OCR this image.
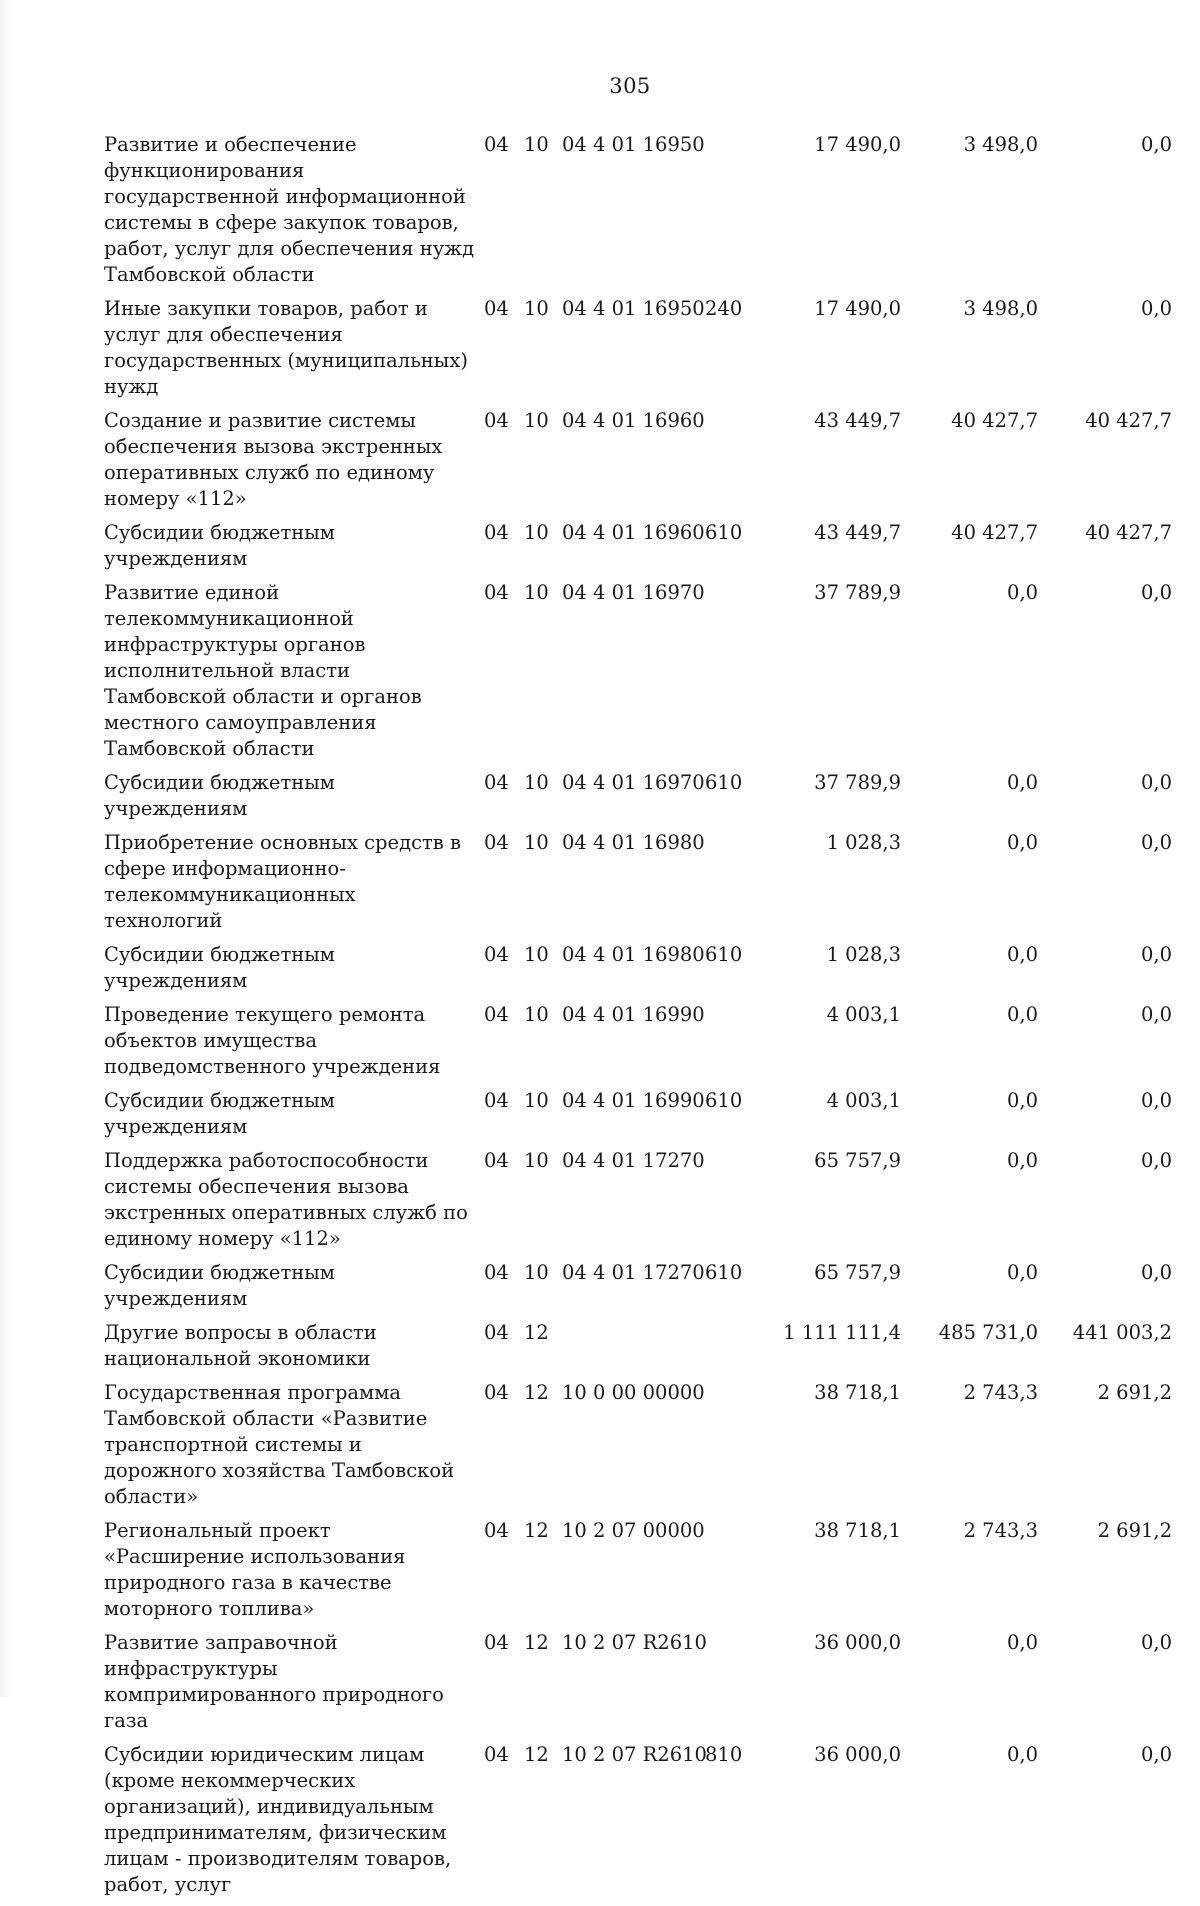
305
Развитие и обеспечение функционирования государственной информационной системы в сфере закупок товаров, работ, услуг для обеспечения нужд Тамбовской области	04	10	04 4 01 16950		17 490,0	3 498,0	0,0
Иные закупки товаров, работ и услуг для обеспечения государственных (муниципальных) нужд	04	10	04 4 01 16950	240	17 490,0	3 498,0	0,0
Создание и развитие системы обеспечения вызова экстренных оперативных служб по единому номеру «112»	04	10	04 4 01 16960		43 449,7	40 427,7	40 427,7
Субсидии бюджетным учреждениям	04	10	04 4 01 16960	610	43 449,7	40 427,7	40 427,7
Развитие единой телекоммуникационной инфраструктуры органов исполнительной власти Тамбовской области и органов местного самоуправления Тамбовской области	04	10	04 4 01 16970		37 789,9	0,0	0,0
Субсидии бюджетным учреждениям	04	10	04 4 01 16970	610	37 789,9	0,0	0,0
Приобретение основных средств в сфере информационно-телекоммуникационных технологий	04	10	04 4 01 16980		1 028,3	0,0	0,0
Субсидии бюджетным учреждениям	04	10	04 4 01 16980	610	1 028,3	0,0	0,0
Проведение текущего ремонта объектов имущества подведомственного учреждения	04	10	04 4 01 16990		4 003,1	0,0	0,0
Субсидии бюджетным учреждениям	04	10	04 4 01 16990	610	4 003,1	0,0	0,0
Поддержка работоспособности системы обеспечения вызова экстренных оперативных служб по единому номеру «112»	04	10	04 4 01 17270		65 757,9	0,0	0,0
Субсидии бюджетным учреждениям	04	10	04 4 01 17270	610	65 757,9	0,0	0,0
Другие вопросы в области национальной экономики	04	12			1 111 111,4	485 731,0	441 003,2
Государственная программа Тамбовской области «Развитие транспортной системы и дорожного хозяйства Тамбовской области»	04	12	10 0 00 00000		38 718,1	2 743,3	2 691,2
Региональный проект «Расширение использования природного газа в качестве моторного топлива»	04	12	10 2 07 00000		38 718,1	2 743,3	2 691,2
Развитие заправочной инфраструктуры компримированного природного газа	04	12	10 2 07 R2610		36 000,0	0,0	0,0
Субсидии юридическим лицам (кроме некоммерческих организаций), индивидуальным предпринимателям, физическим лицам - производителям товаров, работ, услуг	04	12	10 2 07 R2610	810	36 000,0	0,0	0,0
